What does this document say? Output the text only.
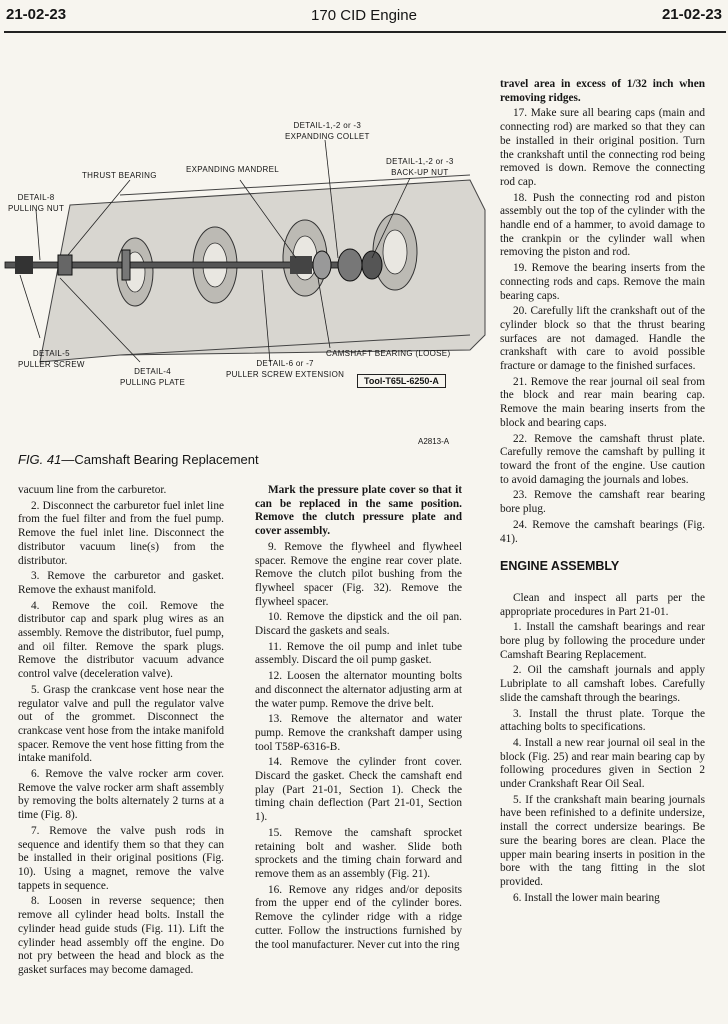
21-02-23	170 CID Engine	21-02-23
DETAIL-1,-2 or -3
EXPANDING COLLET
THRUST BEARING
EXPANDING MANDREL
DETAIL-1,-2 or -3
BACK-UP NUT
DETAIL-8
PULLING NUT
DETAIL-5
PULLER SCREW
DETAIL-4
PULLING PLATE
CAMSHAFT BEARING (LOOSE)
DETAIL-6 or -7
PULLER SCREW EXTENSION
Tool-T65L-6250-A
A2813-A
FIG. 41—Camshaft Bearing Replacement

vacuum line from the carburetor.

2. Disconnect the carburetor fuel inlet line from the fuel filter and from the fuel pump. Remove the fuel inlet line. Disconnect the distributor vacuum line(s) from the distributor.

3. Remove the carburetor and gasket. Remove the exhaust manifold.

4. Remove the coil. Remove the distributor cap and spark plug wires as an assembly. Remove the distributor, fuel pump, and oil filter. Remove the spark plugs. Remove the distributor vacuum advance control valve (deceleration valve).

5. Grasp the crankcase vent hose near the regulator valve and pull the regulator valve out of the grommet. Disconnect the crankcase vent hose from the intake manifold spacer. Remove the vent hose fitting from the intake manifold.

6. Remove the valve rocker arm cover. Remove the valve rocker arm shaft assembly by removing the bolts alternately 2 turns at a time (Fig. 8).

7. Remove the valve push rods in sequence and identify them so that they can be installed in their original positions (Fig. 10). Using a magnet, remove the valve tappets in sequence.

8. Loosen in reverse sequence; then remove all cylinder head bolts. Install the cylinder head guide studs (Fig. 11). Lift the cylinder head assembly off the engine. Do not pry between the head and block as the gasket surfaces may become damaged.

Mark the pressure plate cover so that it can be replaced in the same position. Remove the clutch pressure plate and cover assembly.

9. Remove the flywheel and flywheel spacer. Remove the engine rear cover plate. Remove the clutch pilot bushing from the flywheel spacer (Fig. 32). Remove the flywheel spacer.

10. Remove the dipstick and the oil pan. Discard the gaskets and seals.

11. Remove the oil pump and inlet tube assembly. Discard the oil pump gasket.

12. Loosen the alternator mounting bolts and disconnect the alternator adjusting arm at the water pump. Remove the drive belt.

13. Remove the alternator and water pump. Remove the crankshaft damper using tool T58P-6316-B.

14. Remove the cylinder front cover. Discard the gasket. Check the camshaft end play (Part 21-01, Section 1). Check the timing chain deflection (Part 21-01, Section 1).

15. Remove the camshaft sprocket retaining bolt and washer. Slide both sprockets and the timing chain forward and remove them as an assembly (Fig. 21).

16. Remove any ridges and/or deposits from the upper end of the cylinder bores. Remove the cylinder ridge with a ridge cutter. Follow the instructions furnished by the tool manufacturer. Never cut into the ring

travel area in excess of 1/32 inch when removing ridges.

17. Make sure all bearing caps (main and connecting rod) are marked so that they can be installed in their original position. Turn the crankshaft until the connecting rod being removed is down. Remove the connecting rod cap.

18. Push the connecting rod and piston assembly out the top of the cylinder with the handle end of a hammer, to avoid damage to the crankpin or the cylinder wall when removing the piston and rod.

19. Remove the bearing inserts from the connecting rods and caps. Remove the main bearing caps.

20. Carefully lift the crankshaft out of the cylinder block so that the thrust bearing surfaces are not damaged. Handle the crankshaft with care to avoid possible fracture or damage to the finished surfaces.

21. Remove the rear journal oil seal from the block and rear main bearing cap. Remove the main bearing inserts from the block and bearing caps.

22. Remove the camshaft thrust plate. Carefully remove the camshaft by pulling it toward the front of the engine. Use caution to avoid damaging the journals and lobes.

23. Remove the camshaft rear bearing bore plug.

24. Remove the camshaft bearings (Fig. 41).

ENGINE ASSEMBLY

Clean and inspect all parts per the appropriate procedures in Part 21-01.

1. Install the camshaft bearings and rear bore plug by following the procedure under Camshaft Bearing Replacement.

2. Oil the camshaft journals and apply Lubriplate to all camshaft lobes. Carefully slide the camshaft through the bearings.

3. Install the thrust plate. Torque the attaching bolts to specifications.

4. Install a new rear journal oil seal in the block (Fig. 25) and rear main bearing cap by following procedures given in Section 2 under Crankshaft Rear Oil Seal.

5. If the crankshaft main bearing journals have been refinished to a definite undersize, install the correct undersize bearings. Be sure the bearing bores are clean. Place the upper main bearing inserts in position in the bore with the tang fitting in the slot provided.

6. Install the lower main bearing
